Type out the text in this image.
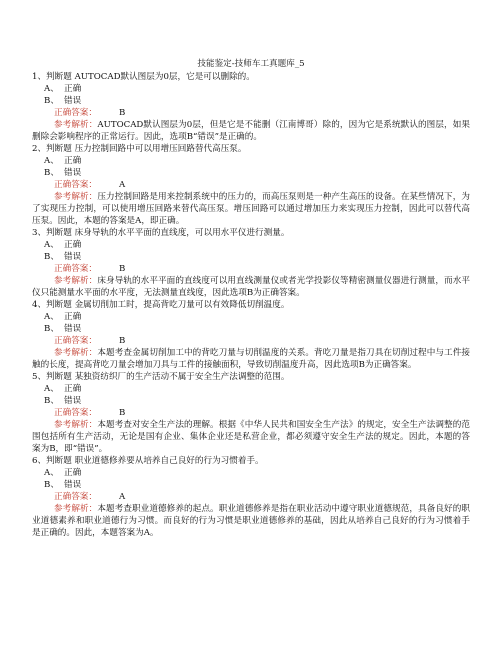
技能鉴定-技师车工真题库_5
1、判断题 AUTOCAD默认图层为0层，它是可以删除的。
A、 正确
B、 错误
正确答案：	B
参考解析：AUTOCAD默认图层为0层，但是它是不能删（江南博哥）除的，因为它是系统默认的图层，如果删除会影响程序的正常运行。因此，选项B“错误”是正确的。
2、判断题 压力控制回路中可以用增压回路替代高压泵。
A、 正确
B、 错误
正确答案：	A
参考解析：压力控制回路是用来控制系统中的压力的，而高压泵则是一种产生高压的设备。在某些情况下，为了实现压力控制，可以使用增压回路来替代高压泵。增压回路可以通过增加压力来实现压力控制，因此可以替代高压泵。因此，本题的答案是A，即正确。
3、判断题 床身导轨的水平平面的直线度，可以用水平仪进行测量。
A、 正确
B、 错误
正确答案：	B
参考解析：床身导轨的水平平面的直线度可以用直线测量仪或者光学投影仪等精密测量仪器进行测量，而水平仪只能测量水平面的水平度，无法测量直线度，因此选项B为正确答案。
4、判断题 金属切削加工时，提高背吃刀量可以有效降低切削温度。
A、 正确
B、 错误
正确答案：	B
参考解析：本题考查金属切削加工中的背吃刀量与切削温度的关系。背吃刀量是指刀具在切削过程中与工件接触的长度，提高背吃刀量会增加刀具与工件的接触面积，导致切削温度升高，因此选项B为正确答案。
5、判断题 某独资纺织厂的生产活动不属于安全生产法调整的范围。
A、 正确
B、 错误
正确答案：	B
参考解析：本题考查对安全生产法的理解。根据《中华人民共和国安全生产法》的规定，安全生产法调整的范围包括所有生产活动，无论是国有企业、集体企业还是私营企业，都必须遵守安全生产法的规定。因此，本题的答案为B，即“错误”。
6、判断题 职业道德修养要从培养自己良好的行为习惯着手。
A、 正确
B、 错误
正确答案：	A
参考解析：本题考查职业道德修养的起点。职业道德修养是指在职业活动中遵守职业道德规范，具备良好的职业道德素养和职业道德行为习惯。而良好的行为习惯是职业道德修养的基础，因此从培养自己良好的行为习惯着手是正确的。因此，本题答案为A。
